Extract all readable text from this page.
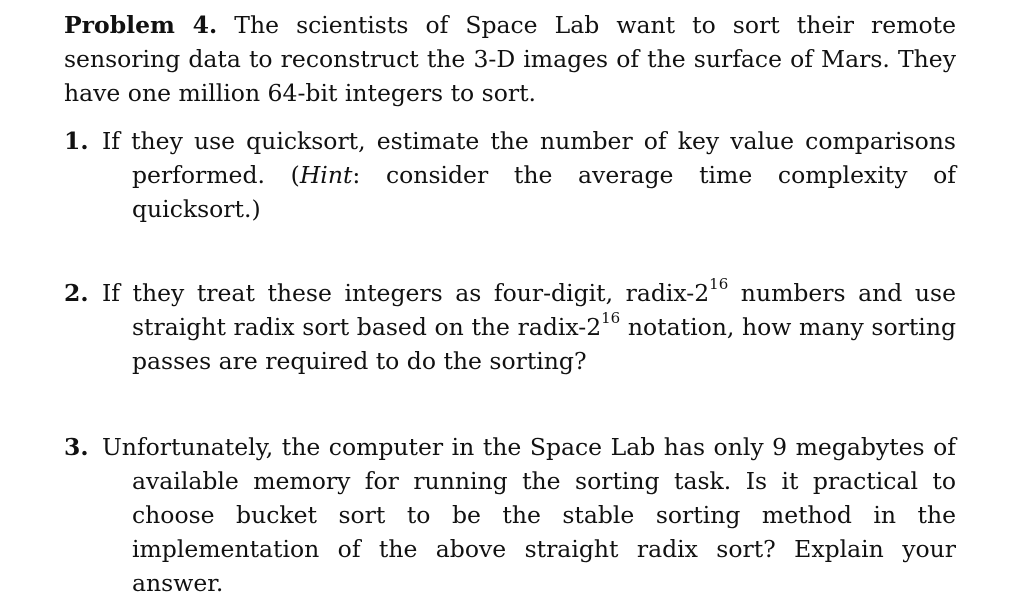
Problem 4. The scientists of Space Lab want to sort their remote sensoring data to reconstruct the 3-D images of the surface of Mars. They have one million 64-bit integers to sort.

1. If they use quicksort, estimate the number of key value comparisons performed. (Hint: consider the average time complexity of quicksort.)
2. If they treat these integers as four-digit, radix-$2^{16}$ numbers and use straight radix sort based on the radix-$2^{16}$ notation, how many sorting passes are required to do the sorting?
3. Unfortunately, the computer in the Space Lab has only 9 megabytes of available memory for running the sorting task. Is it practical to choose bucket sort to be the stable sorting method in the implementation of the above straight radix sort? Explain your answer.
